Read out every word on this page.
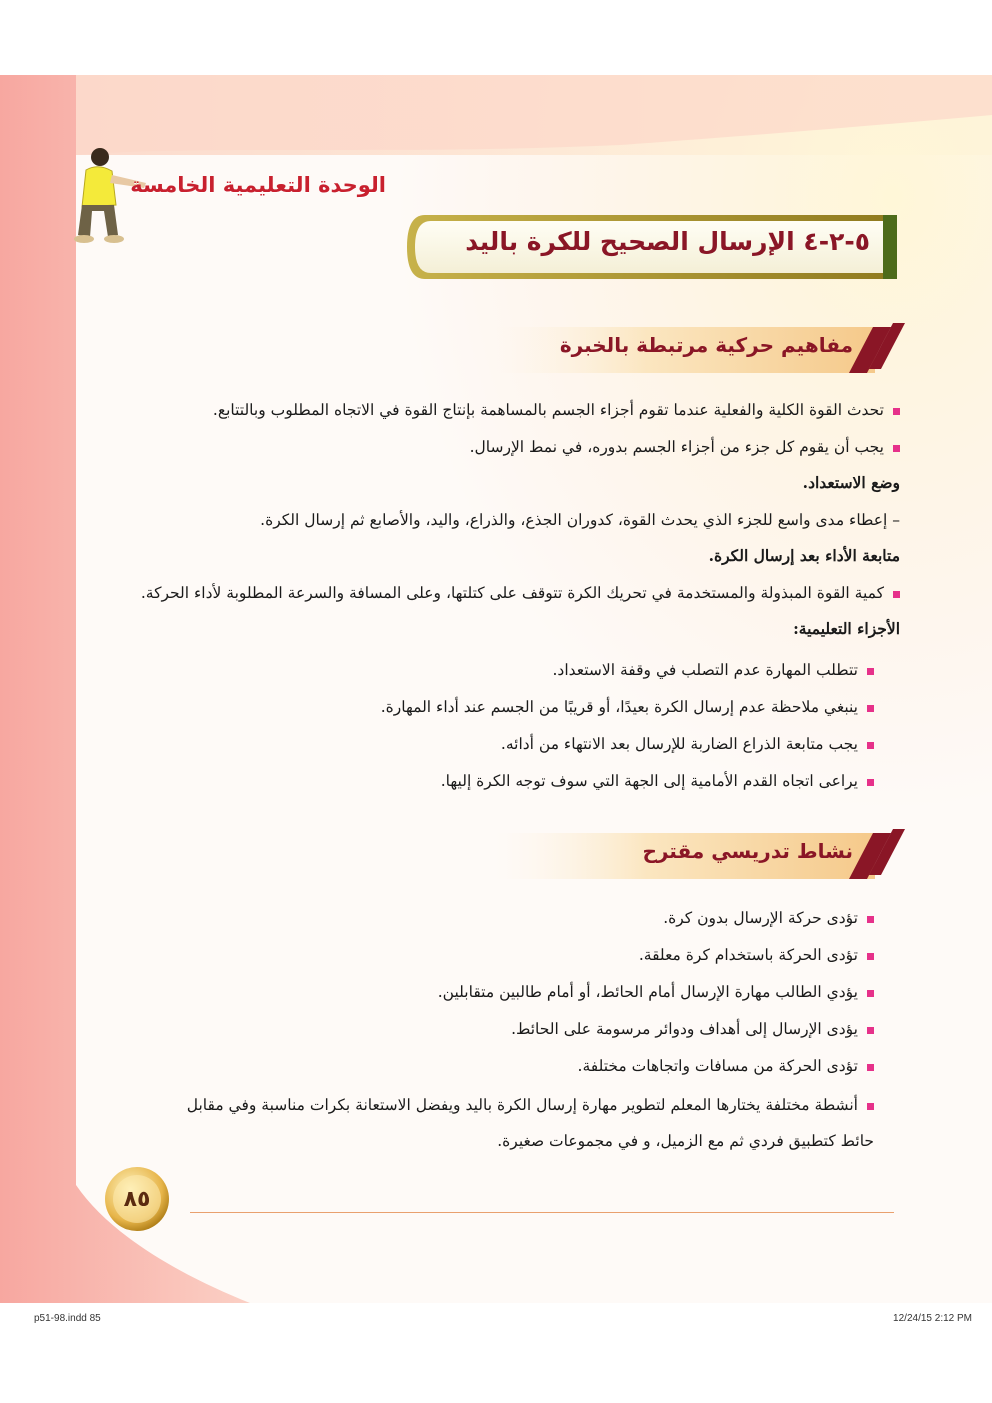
الوحدة التعليمية الخامسة
٥-٢-٤ الإرسال الصحيح للكرة باليد
مفاهيم حركية مرتبطة بالخبرة
تحدث القوة الكلية والفعلية عندما تقوم أجزاء الجسم بالمساهمة بإنتاج القوة في الاتجاه المطلوب وبالتتابع.
يجب أن يقوم كل جزء من أجزاء الجسم بدوره، في نمط الإرسال.
وضع الاستعداد.
– إعطاء مدى واسع للجزء الذي يحدث القوة، كدوران الجذع، والذراع، واليد، والأصابع ثم إرسال الكرة.
متابعة الأداء بعد إرسال الكرة.
كمية القوة المبذولة والمستخدمة في تحريك الكرة تتوقف على كتلتها، وعلى المسافة والسرعة المطلوبة لأداء الحركة.
الأجزاء التعليمية:
تتطلب المهارة عدم التصلب في وقفة الاستعداد.
ينبغي ملاحظة عدم إرسال الكرة بعيدًا، أو قريبًا من الجسم عند أداء المهارة.
يجب متابعة الذراع الضاربة للإرسال بعد الانتهاء من أدائه.
يراعى اتجاه القدم الأمامية إلى الجهة التي سوف توجه الكرة إليها.
نشاط تدريسي مقترح
تؤدى حركة الإرسال بدون كرة.
تؤدى الحركة باستخدام كرة معلقة.
يؤدي الطالب مهارة الإرسال أمام الحائط، أو أمام طالبين متقابلين.
يؤدى الإرسال إلى أهداف ودوائر مرسومة على الحائط.
تؤدى الحركة من مسافات واتجاهات مختلفة.
أنشطة مختلفة يختارها المعلم لتطوير مهارة إرسال الكرة باليد ويفضل الاستعانة بكرات مناسبة وفي مقابل حائط كتطبيق فردي ثم مع الزميل، و في مجموعات صغيرة.
٨٥
p51-98.indd 85	12/24/15 2:12 PM
